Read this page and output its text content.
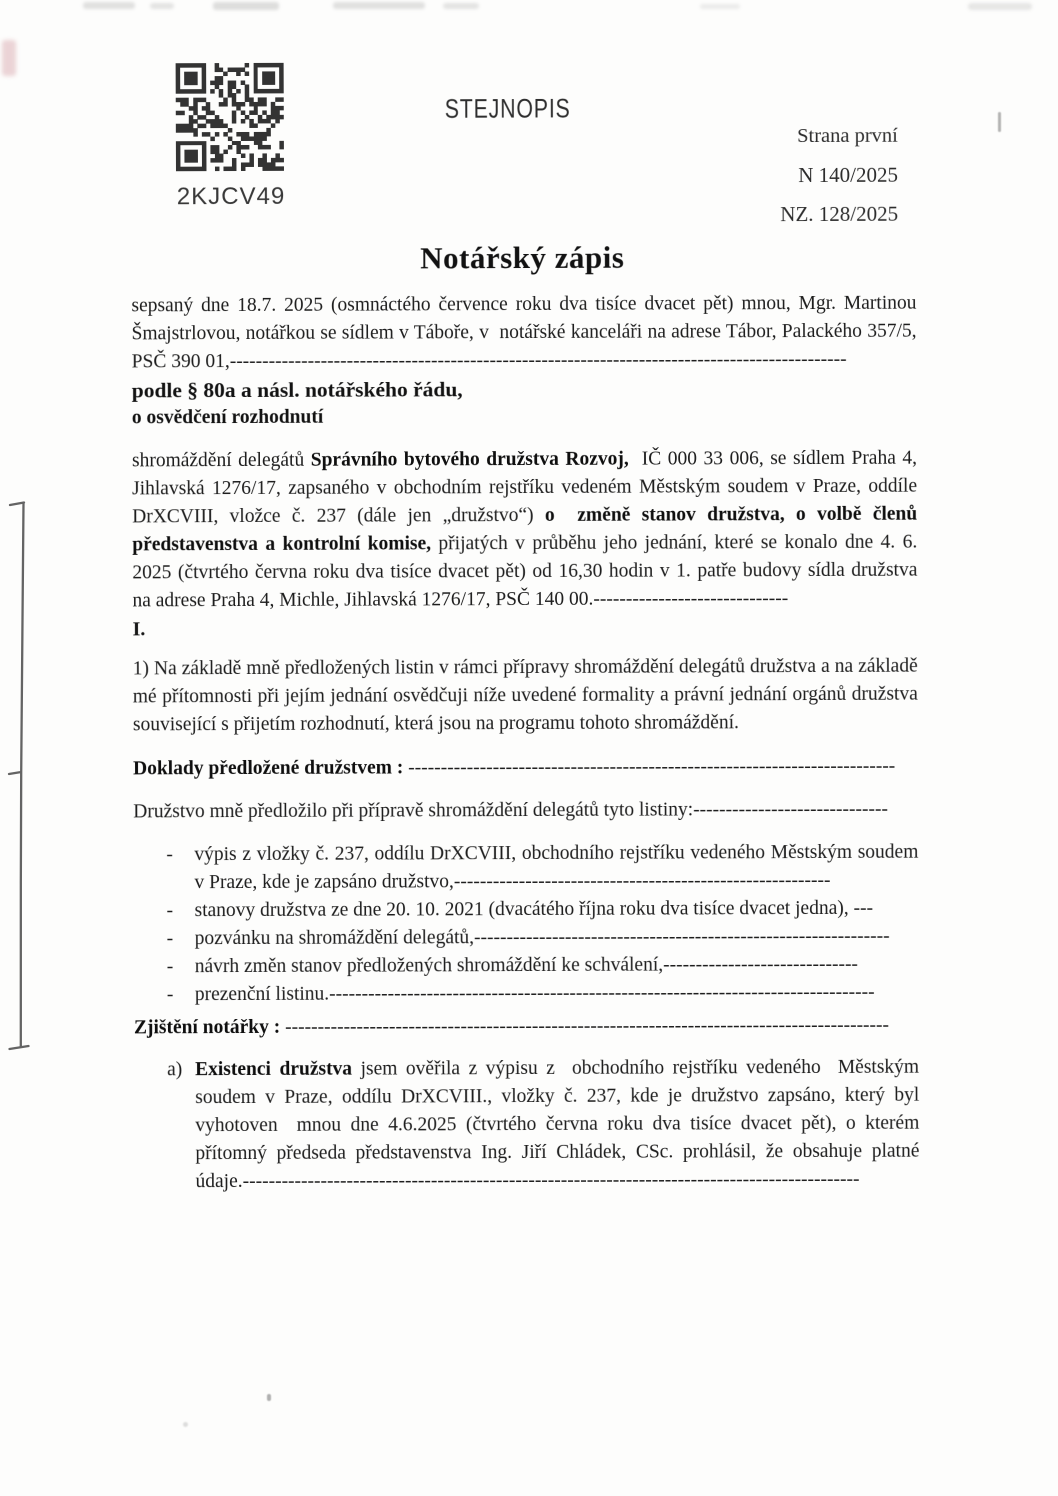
2KJCV49
STEJNOPIS
Strana první
N 140/2025
NZ. 128/2025
Notářský zápis

sepsaný dne 18.7. 2025 (osmnáctého července roku dva tisíce dvacet pět) mnou, Mgr. Martinou Šmajstrlovou, notářkou se sídlem v Táboře, v  notářské kanceláři na adrese Tábor, Palackého 357/5, PSČ 390 01,-----------------------------------------------------------------------------------------------

podle § 80a a násl. notářského řádu,

o osvědčení rozhodnutí

shromáždění delegátů Správního bytového družstva Rozvoj,  IČ 000 33 006, se sídlem Praha 4, Jihlavská 1276/17, zapsaného v obchodním rejstříku vedeném Městským soudem v Praze, oddíle DrXCVIII, vložce č. 237 (dále jen „družstvo“) o  změně stanov družstva, o volbě členů představenstva a kontrolní komise, přijatých v průběhu jeho jednání, které se konalo dne 4. 6. 2025 (čtvrtého června roku dva tisíce dvacet pět) od 16,30 hodin v 1. patře budovy sídla družstva  na adrese Praha 4, Michle, Jihlavská 1276/17, PSČ 140 00.------------------------------

I.

1) Na základě mně předložených listin v rámci přípravy shromáždění delegátů družstva a na základě mé přítomnosti při jejím jednání osvědčuji níže uvedené formality a právní jednání orgánů družstva související s přijetím rozhodnutí, která jsou na programu tohoto shromáždění.

Doklady předložené družstvem : ---------------------------------------------------------------------------

Družstvo mně předložilo při přípravě shromáždění delegátů tyto listiny:------------------------------

- výpis z vložky č. 237, oddílu DrXCVIII, obchodního rejstříku vedeného Městským soudem v Praze, kde je zapsáno družstvo,----------------------------------------------------------

- stanovy družstva ze dne 20. 10. 2021 (dvacátého října roku dva tisíce dvacet jedna), ---

- pozvánku na shromáždění delegátů,----------------------------------------------------------------

- návrh změn stanov předložených shromáždění ke schválení,------------------------------

- prezenční listinu.------------------------------------------------------------------------------------

Zjištění notářky : ---------------------------------------------------------------------------------------------

a) Existenci družstva jsem ověřila z výpisu z  obchodního rejstříku vedeného  Městským soudem v Praze, oddílu DrXCVIII., vložky č. 237, kde je družstvo zapsáno, který byl vyhotoven  mnou dne 4.6.2025 (čtvrtého června roku dva tisíce dvacet pět), o kterém přítomný předseda představenstva Ing. Jiří Chládek, CSc. prohlásil, že obsahuje platné údaje.-----------------------------------------------------------------------------------------------
